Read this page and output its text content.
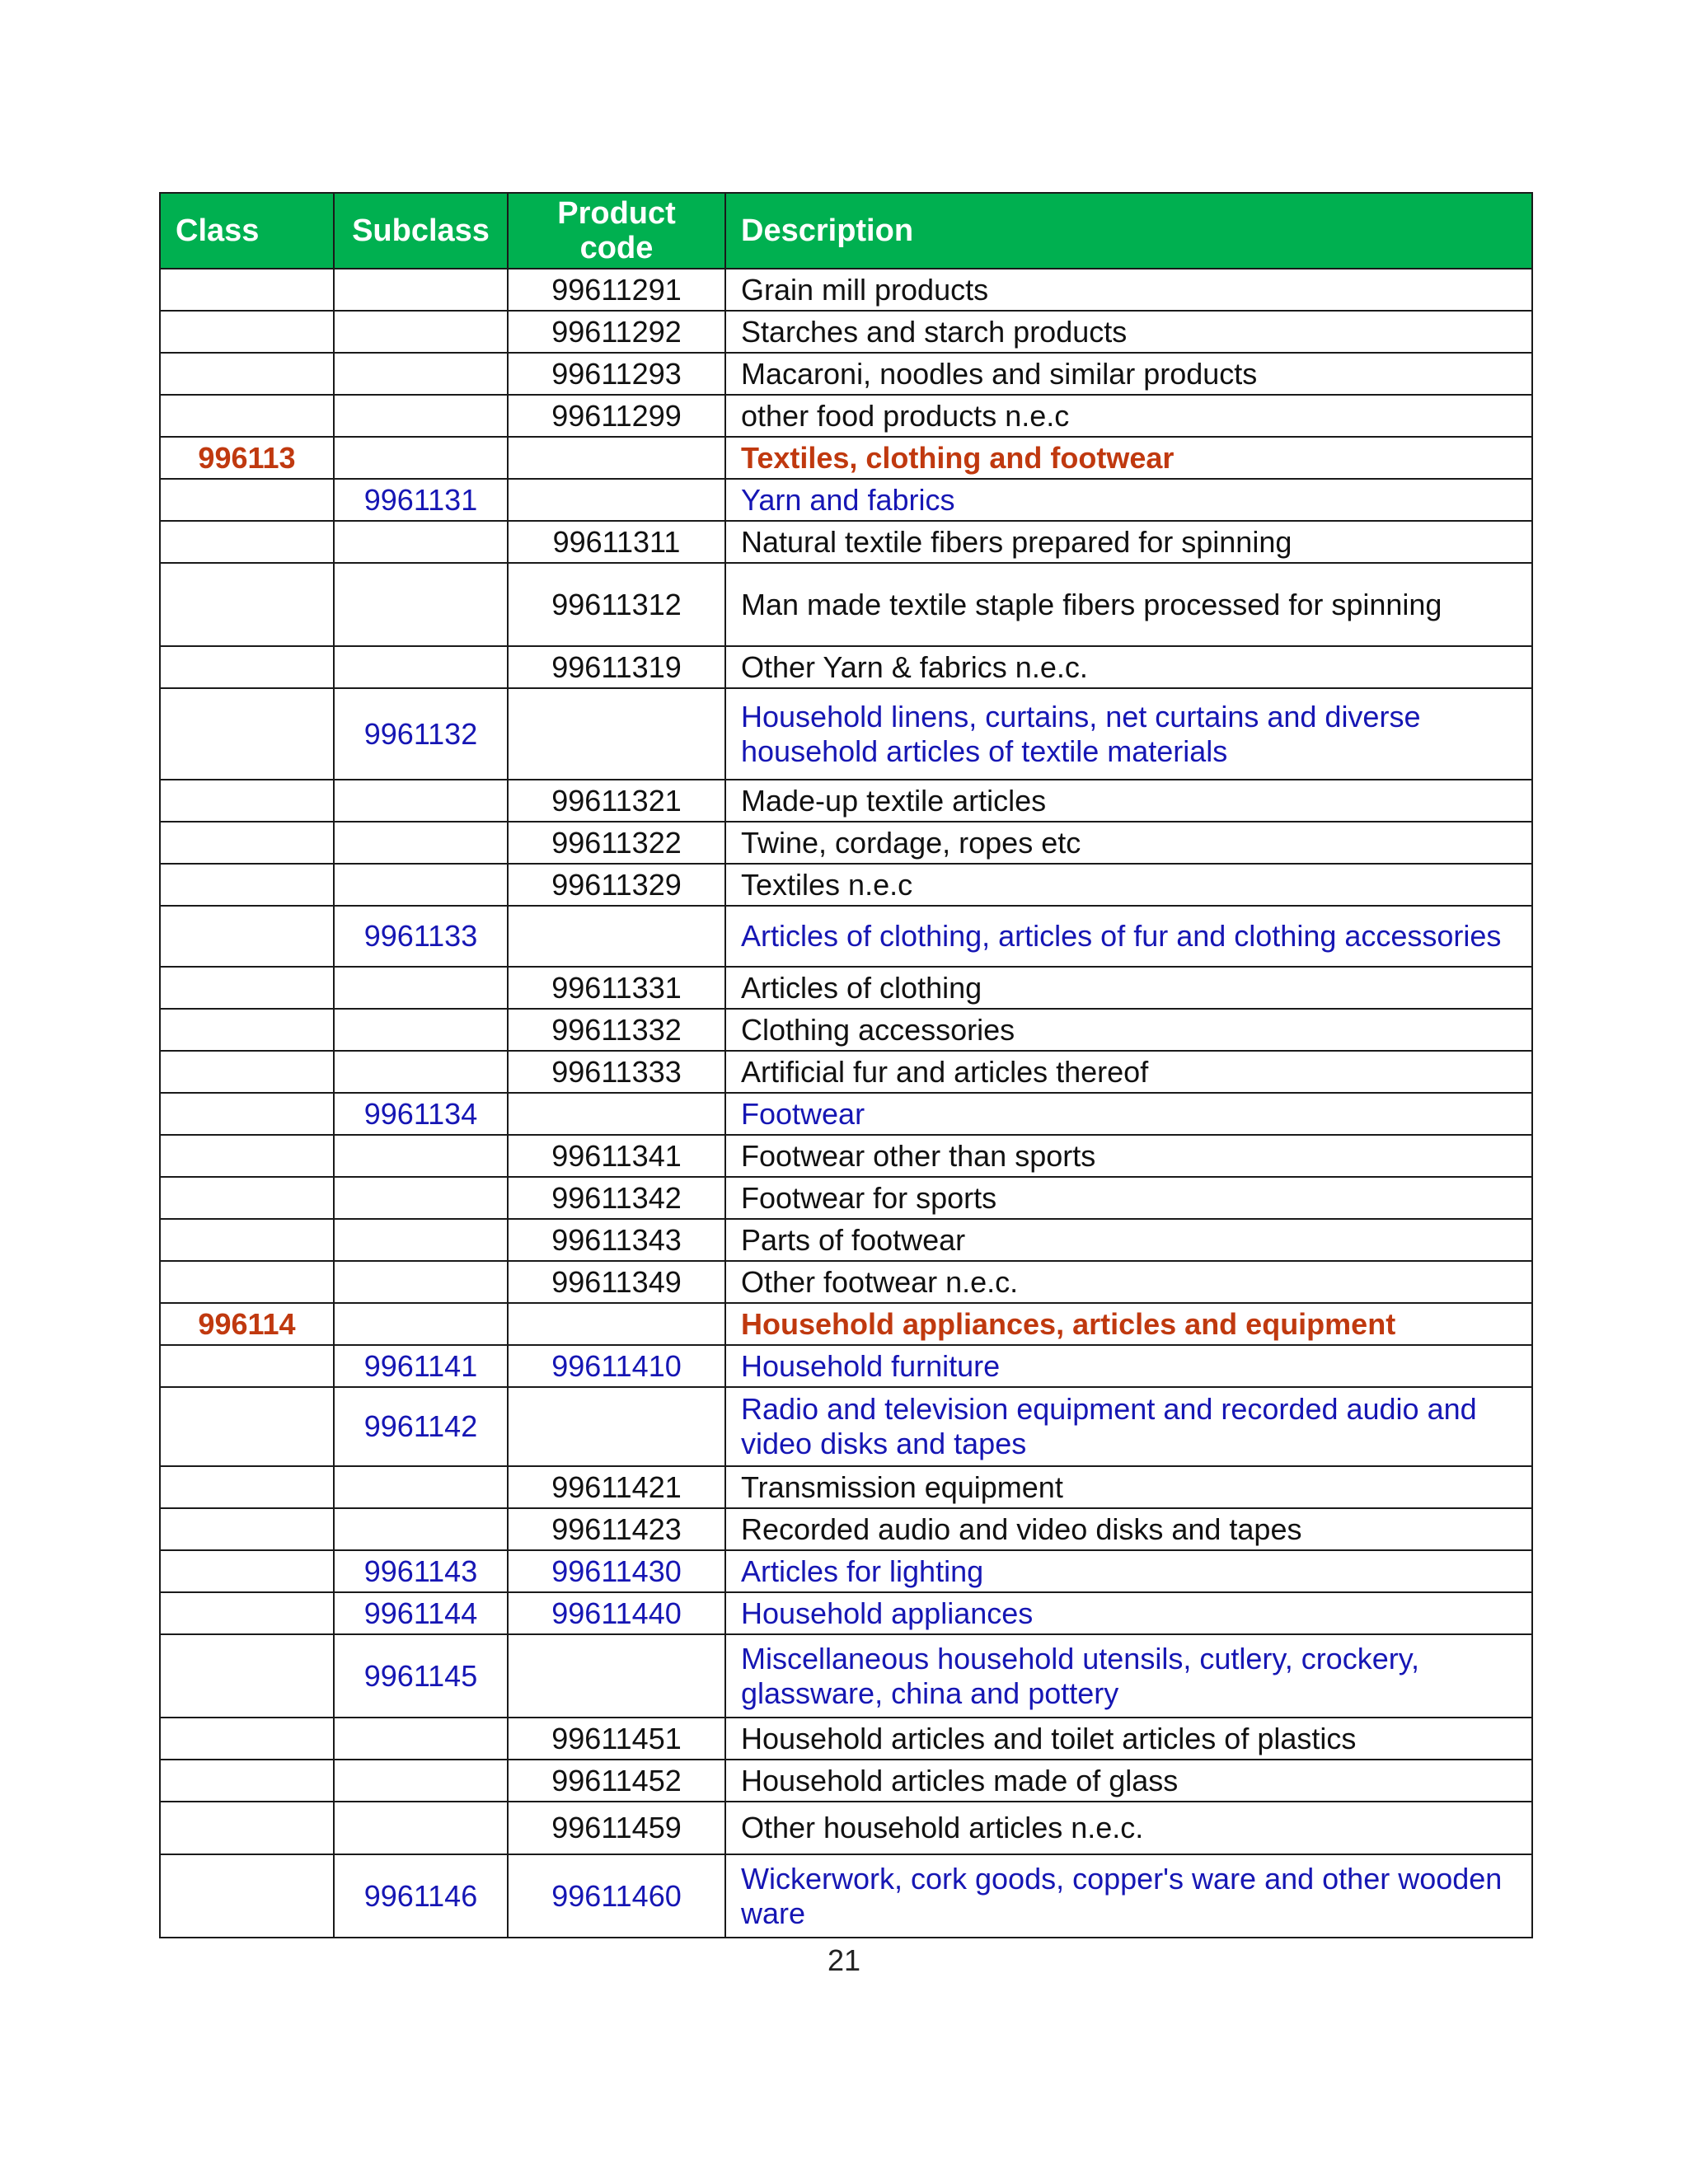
Class	Subclass	Product code	Description
		99611291	Grain mill products
		99611292	Starches and starch products
		99611293	Macaroni, noodles and similar products
		99611299	other food products n.e.c
996113			Textiles, clothing and footwear
	9961131		Yarn and fabrics
		99611311	Natural textile fibers prepared for spinning
		99611312	Man made textile staple fibers processed for spinning
		99611319	Other Yarn & fabrics n.e.c.
	9961132		Household linens, curtains, net curtains and diverse household articles of textile materials
		99611321	Made-up textile articles
		99611322	Twine, cordage, ropes etc
		99611329	Textiles n.e.c
	9961133		Articles of clothing, articles of fur and clothing accessories
		99611331	Articles of clothing
		99611332	Clothing accessories
		99611333	Artificial fur and articles thereof
	9961134		Footwear
		99611341	Footwear other than sports
		99611342	Footwear for sports
		99611343	Parts of footwear
		99611349	Other footwear n.e.c.
996114			Household appliances, articles and equipment
	9961141	99611410	Household furniture
	9961142		Radio and television equipment and recorded audio and video disks and tapes
		99611421	Transmission equipment
		99611423	Recorded audio and video disks and tapes
	9961143	99611430	Articles for lighting
	9961144	99611440	Household appliances
	9961145		Miscellaneous household utensils, cutlery, crockery, glassware, china and pottery
		99611451	Household articles and toilet articles of plastics
		99611452	Household articles made of glass
		99611459	Other household articles n.e.c.
	9961146	99611460	Wickerwork, cork goods, copper's ware and other wooden ware
21
